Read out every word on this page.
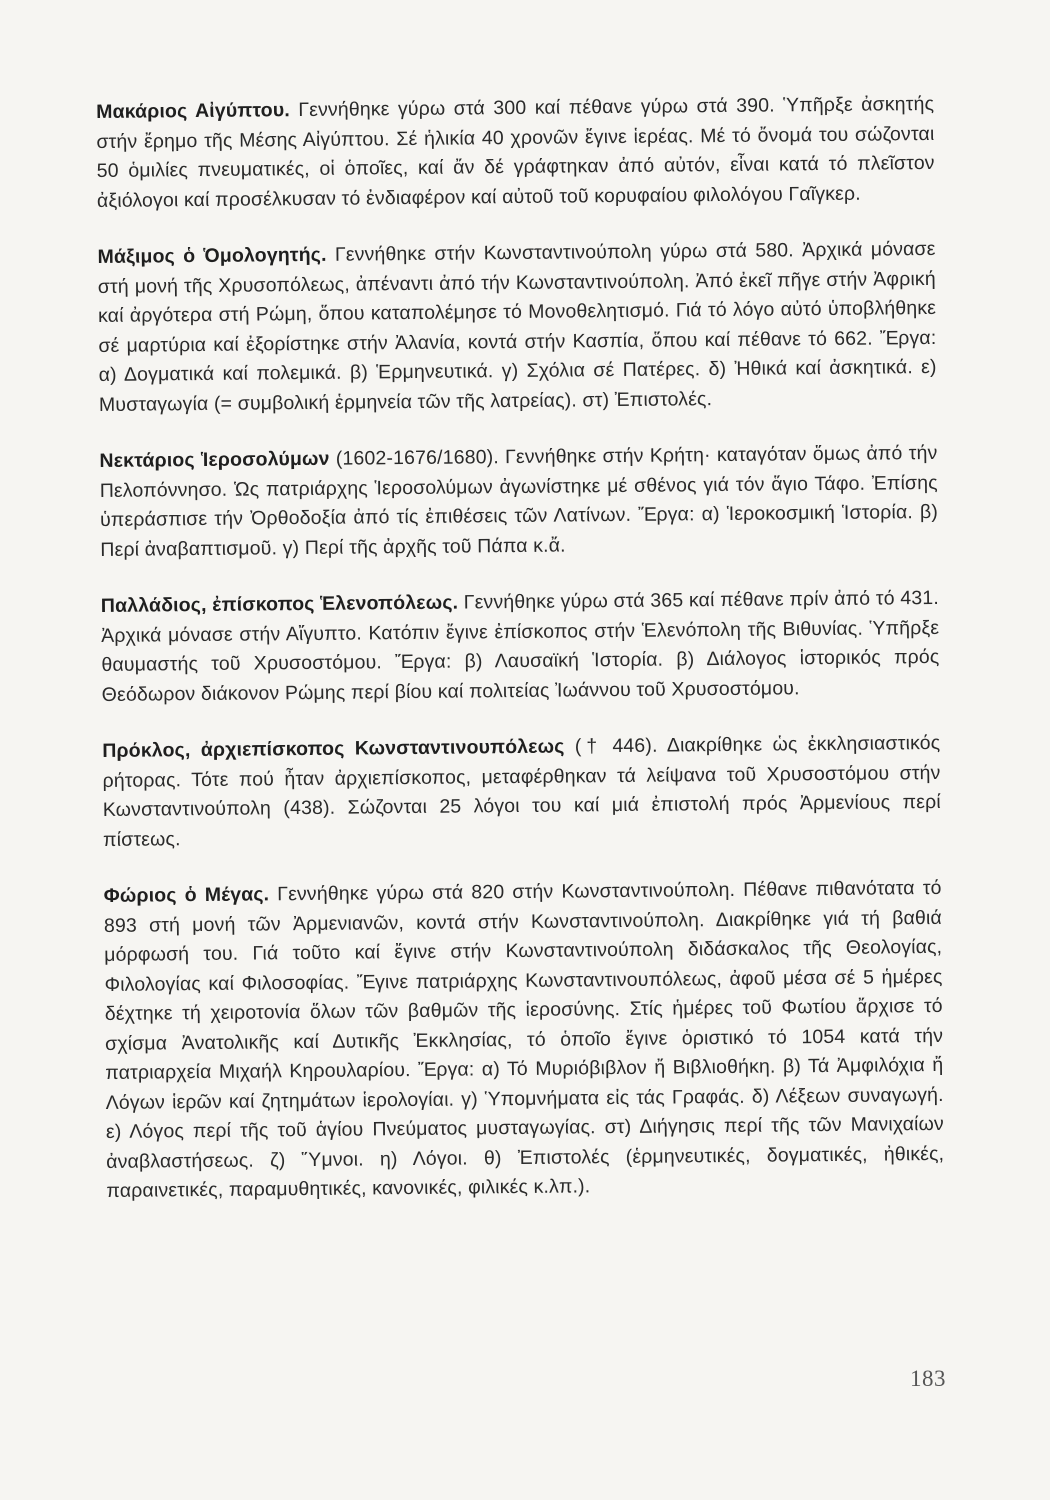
Μακάριος Αἰγύπτου. Γεννήθηκε γύρω στά 300 καί πέθανε γύρω στά 390. Ὑπῆρξε ἀσκητής στήν ἔρημο τῆς Μέσης Αἰγύπτου. Σέ ἡλικία 40 χρονῶν ἔγινε ἱερέας. Μέ τό ὄνομά του σώζονται 50 ὁμιλίες πνευματικές, οἱ ὁποῖες, καί ἄν δέ γράφτηκαν ἀπό αὐτόν, εἶναι κατά τό πλεῖστον ἀξιόλογοι καί προσέλκυσαν τό ἐνδιαφέρον καί αὐτοῦ τοῦ κορυφαίου φιλολόγου Γαῖγκερ.

Μάξιμος ὁ Ὁμολογητής. Γεννήθηκε στήν Κωνσταντινούπολη γύρω στά 580. Ἀρχικά μόνασε στή μονή τῆς Χρυσοπόλεως, ἀπέναντι ἀπό τήν Κωνσταντινούπολη. Ἀπό ἐκεῖ πῆγε στήν Ἀφρική καί ἀργότερα στή Ρώμη, ὅπου καταπολέμησε τό Μονοθελητισμό. Γιά τό λόγο αὐτό ὑποβλήθηκε σέ μαρτύρια καί ἐξορίστηκε στήν Ἀλανία, κοντά στήν Κασπία, ὅπου καί πέθανε τό 662. Ἔργα: α) Δογματικά καί πολεμικά. β) Ἑρμηνευτικά. γ) Σχόλια σέ Πατέρες. δ) Ἠθικά καί ἀσκητικά. ε) Μυσταγωγία (= συμβολική ἑρμηνεία τῶν τῆς λατρείας). στ) Ἐπιστολές.

Νεκτάριος Ἱεροσολύμων (1602-1676/1680). Γεννήθηκε στήν Κρήτη· καταγόταν ὅμως ἀπό τήν Πελοπόννησο. Ὡς πατριάρχης Ἱεροσολύμων ἀγωνίστηκε μέ σθένος γιά τόν ἅγιο Τάφο. Ἐπίσης ὑπεράσπισε τήν Ὀρθοδοξία ἀπό τίς ἐπιθέσεις τῶν Λατίνων. Ἔργα: α) Ἱεροκοσμική Ἱστορία. β) Περί ἀναβαπτισμοῦ. γ) Περί τῆς ἀρχῆς τοῦ Πάπα κ.ἄ.

Παλλάδιος, ἐπίσκοπος Ἑλενοπόλεως. Γεννήθηκε γύρω στά 365 καί πέθανε πρίν ἀπό τό 431. Ἀρχικά μόνασε στήν Αἴγυπτο. Κατόπιν ἔγινε ἐπίσκοπος στήν Ἑλενόπολη τῆς Βιθυνίας. Ὑπῆρξε θαυμαστής τοῦ Χρυσοστόμου. Ἔργα: β) Λαυσαϊκή Ἱστορία. β) Διάλογος ἱστορικός πρός Θεόδωρον διάκονον Ρώμης περί βίου καί πολιτείας Ἰωάννου τοῦ Χρυσοστόμου.

Πρόκλος, ἀρχιεπίσκοπος Κωνσταντινουπόλεως († 446). Διακρίθηκε ὡς ἐκκλησιαστικός ρήτορας. Τότε πού ἦταν ἀρχιεπίσκοπος, μεταφέρθηκαν τά λείψανα τοῦ Χρυσοστόμου στήν Κωνσταντινούπολη (438). Σώζονται 25 λόγοι του καί μιά ἐπιστολή πρός Ἀρμενίους περί πίστεως.

Φώριος ὁ Μέγας. Γεννήθηκε γύρω στά 820 στήν Κωνσταντινούπολη. Πέθανε πιθανότατα τό 893 στή μονή τῶν Ἀρμενιανῶν, κοντά στήν Κωνσταντινούπολη. Διακρίθηκε γιά τή βαθιά μόρφωσή του. Γιά τοῦτο καί ἔγινε στήν Κωνσταντινούπολη διδάσκαλος τῆς Θεολογίας, Φιλολογίας καί Φιλοσοφίας. Ἔγινε πατριάρχης Κωνσταντινουπόλεως, ἀφοῦ μέσα σέ 5 ἡμέρες δέχτηκε τή χειροτονία ὅλων τῶν βαθμῶν τῆς ἱεροσύνης. Στίς ἡμέρες τοῦ Φωτίου ἄρχισε τό σχίσμα Ἀνατολικῆς καί Δυτικῆς Ἐκκλησίας, τό ὁποῖο ἔγινε ὁριστικό τό 1054 κατά τήν πατριαρχεία Μιχαήλ Κηρουλαρίου. Ἔργα: α) Τό Μυριόβιβλον ἤ Βιβλιοθήκη. β) Τά Ἀμφιλόχια ἤ Λόγων ἱερῶν καί ζητημάτων ἱερολογίαι. γ) Ὑπομνήματα εἰς τάς Γραφάς. δ) Λέξεων συναγωγή. ε) Λόγος περί τῆς τοῦ ἁγίου Πνεύματος μυσταγωγίας. στ) Διήγησις περί τῆς τῶν Μανιχαίων ἀναβλαστήσεως. ζ) Ὕμνοι. η) Λόγοι. θ) Ἐπιστολές (ἑρμηνευτικές, δογματικές, ἠθικές, παραινετικές, παραμυθητικές, κανονικές, φιλικές κ.λπ.).

183
